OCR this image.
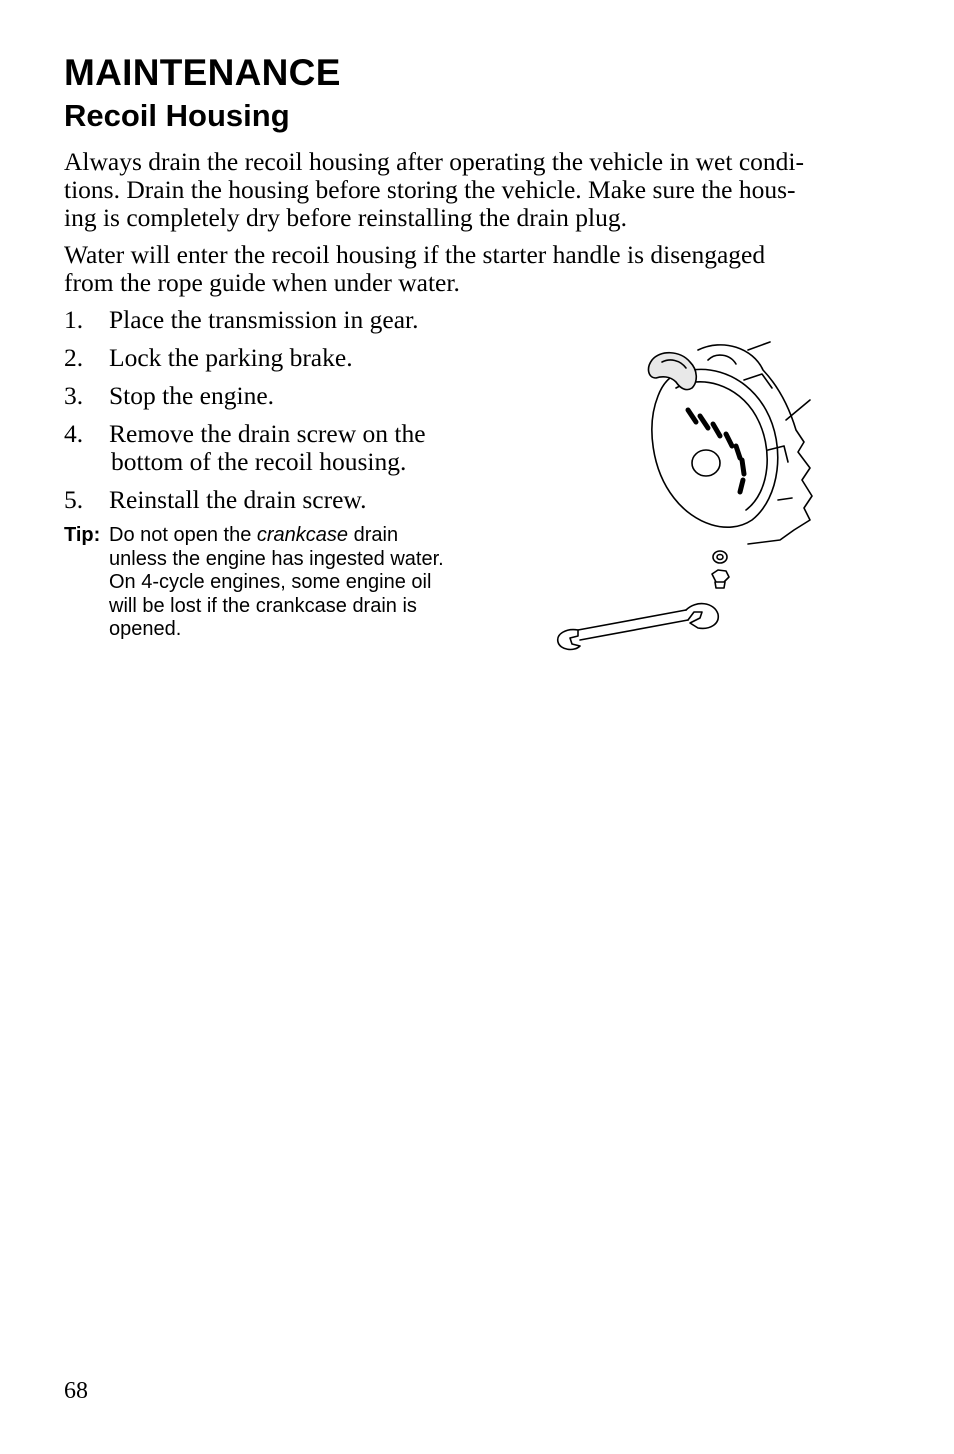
MAINTENANCE
Recoil Housing

Always drain the recoil housing after operating the vehicle in wet condi-
tions. Drain the housing before storing the vehicle. Make sure the hous-
ing is completely dry before reinstalling the drain plug.

Water will enter the recoil housing if the starter handle is disengaged
from the rope guide when under water.

1. Place the transmission in gear.
2. Lock the parking brake.
3. Stop the engine.
4. Remove the drain screw on the
bottom of the recoil housing.
5. Reinstall the drain screw.
Tip: Do not open the crankcase drain
unless the engine has ingested water.
On 4-cycle engines, some engine oil
will be lost if the crankcase drain is
opened.
68
